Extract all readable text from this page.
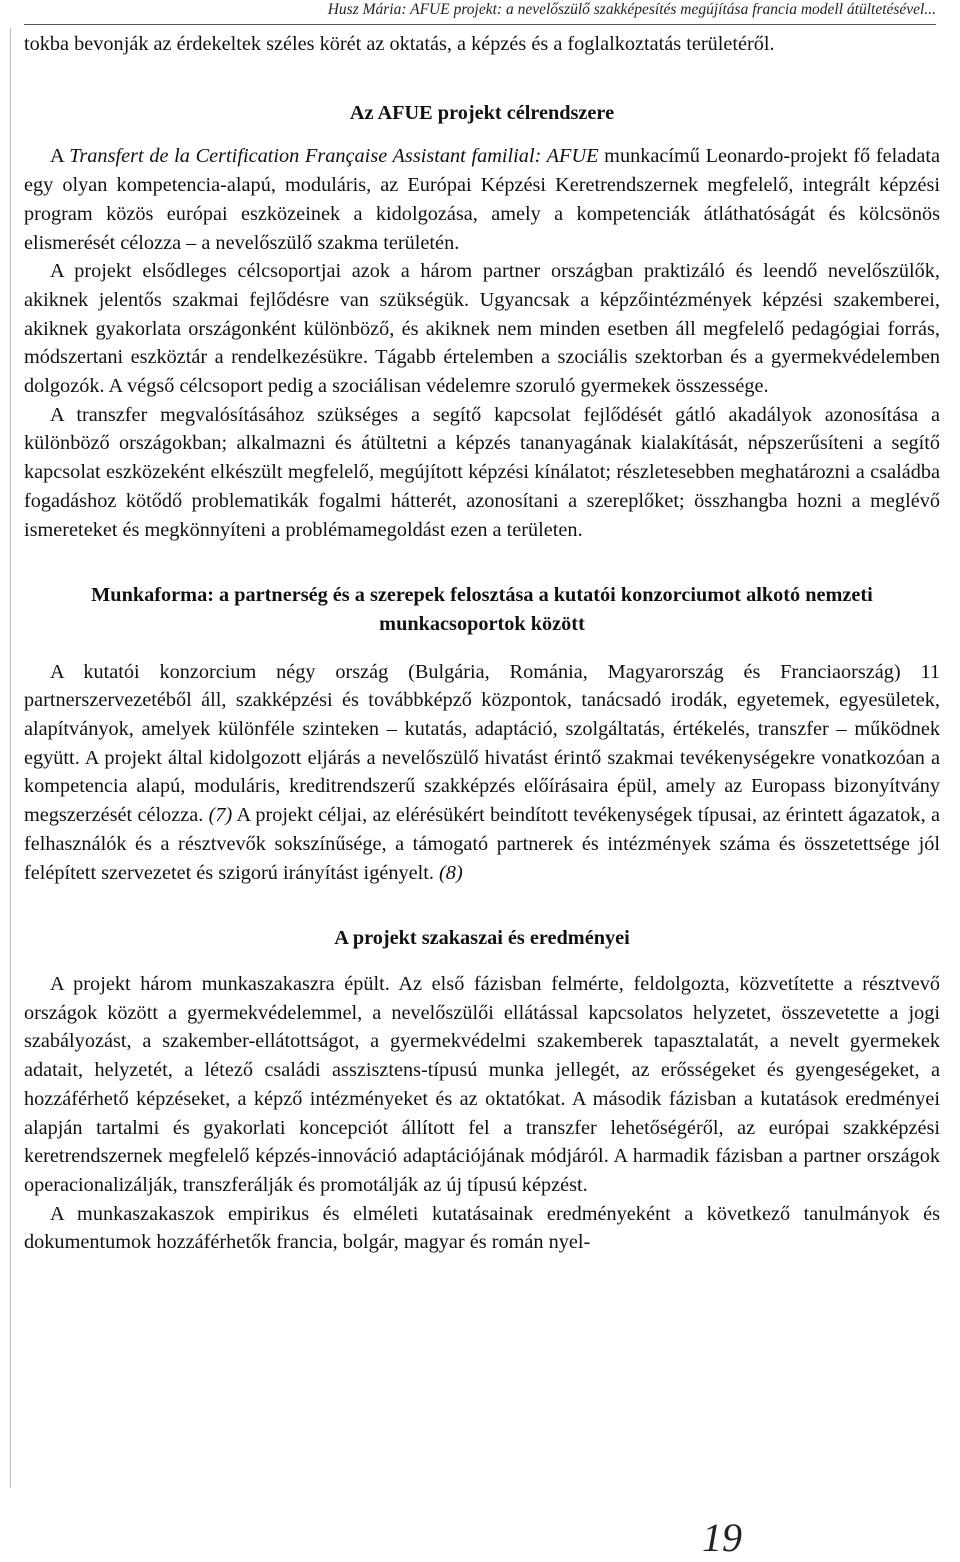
Husz Mária: AFUE projekt: a nevelőszülő szakképesítés megújítása francia modell átültetésével...

tokba bevonják az érdekeltek széles körét az oktatás, a képzés és a foglalkoztatás területéről.

Az AFUE projekt célrendszere

A Transfert de la Certification Française Assistant familial: AFUE munkacímű Leonardo-projekt fő feladata egy olyan kompetencia-alapú, moduláris, az Európai Képzési Keretrendszernek megfelelő, integrált képzési program közös európai eszközeinek a kidolgozása, amely a kompetenciák átláthatóságát és kölcsönös elismerését célozza – a nevelőszülő szakma területén.

A projekt elsődleges célcsoportjai azok a három partner országban praktizáló és leendő nevelőszülők, akiknek jelentős szakmai fejlődésre van szükségük. Ugyancsak a képzőintézmények képzési szakemberei, akiknek gyakorlata országonként különböző, és akiknek nem minden esetben áll megfelelő pedagógiai forrás, módszertani eszköztár a rendelkezésükre. Tágabb értelemben a szociális szektorban és a gyermekvédelemben dolgozók. A végső célcsoport pedig a szociálisan védelemre szoruló gyermekek összessége.

A transzfer megvalósításához szükséges a segítő kapcsolat fejlődését gátló akadályok azonosítása a különböző országokban; alkalmazni és átültetni a képzés tananyagának kialakítását, népszerűsíteni a segítő kapcsolat eszközeként elkészült megfelelő, megújított képzési kínálatot; részletesebben meghatározni a családba fogadáshoz kötődő problematikák fogalmi hátterét, azonosítani a szereplőket; összhangba hozni a meglévő ismereteket és megkönnyíteni a problémamegoldást ezen a területen.

Munkaforma: a partnerség és a szerepek felosztása a kutatói konzorciumot alkotó nemzeti munkacsoportok között

A kutatói konzorcium négy ország (Bulgária, Románia, Magyarország és Franciaország) 11 partnerszervezetéből áll, szakképzési és továbbképző központok, tanácsadó irodák, egyetemek, egyesületek, alapítványok, amelyek különféle szinteken – kutatás, adaptáció, szolgáltatás, értékelés, transzfer – működnek együtt. A projekt által kidolgozott eljárás a nevelőszülő hivatást érintő szakmai tevékenységekre vonatkozóan a kompetencia alapú, moduláris, kreditrendszerű szakképzés előírásaira épül, amely az Europass bizonyítvány megszerzését célozza. (7) A projekt céljai, az elérésükért beindított tevékenységek típusai, az érintett ágazatok, a felhasználók és a résztvevők sokszínűsége, a támogató partnerek és intézmények száma és összetettsége jól felépített szervezetet és szigorú irányítást igényelt. (8)

A projekt szakaszai és eredményei

A projekt három munkaszakaszra épült. Az első fázisban felmérte, feldolgozta, közvetítette a résztvevő országok között a gyermekvédelemmel, a nevelőszülői ellátással kapcsolatos helyzetet, összevetette a jogi szabályozást, a szakember-ellátottságot, a gyermekvédelmi szakemberek tapasztalatát, a nevelt gyermekek adatait, helyzetét, a létező családi asszisztens-típusú munka jellegét, az erősségeket és gyengeségeket, a hozzáférhető képzéseket, a képző intézményeket és az oktatókat. A második fázisban a kutatások eredményei alapján tartalmi és gyakorlati koncepciót állított fel a transzfer lehetőségéről, az európai szakképzési keretrendszernek megfelelő képzés-innováció adaptációjának módjáról. A harmadik fázisban a partner országok operacionalizálják, transzferálják és promotálják az új típusú képzést.

A munkaszakaszok empirikus és elméleti kutatásainak eredményeként a következő tanulmányok és dokumentumok hozzáférhetők francia, bolgár, magyar és román nyel-

19
